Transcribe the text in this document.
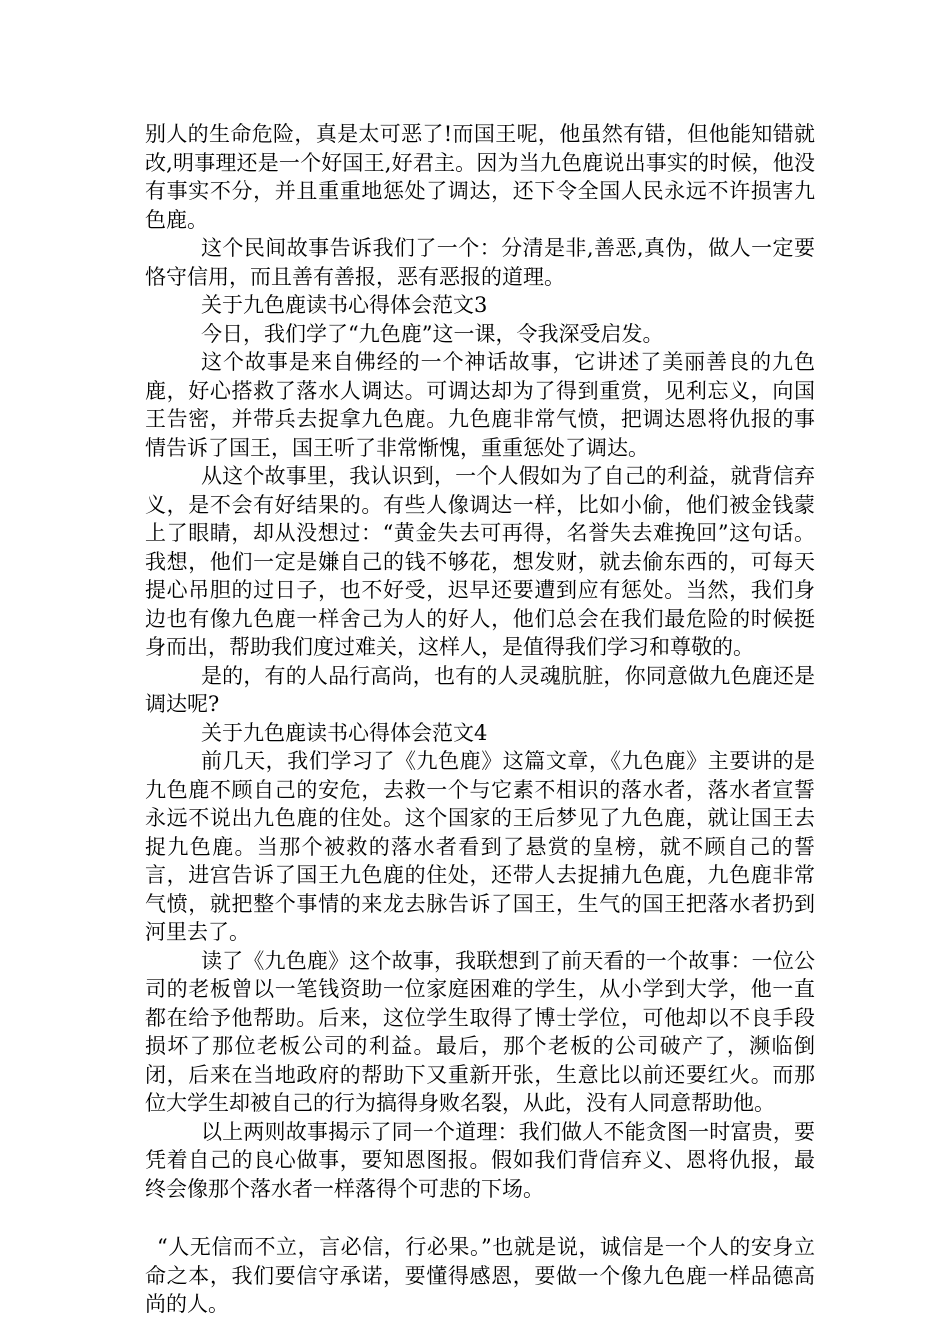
别人的生命危险，真是太可恶了!而国王呢，他虽然有错，但他能知错就改,明事理还是一个好国王,好君主。因为当九色鹿说出事实的时候，他没有事实不分，并且重重地惩处了调达，还下令全国人民永远不许损害九色鹿。

这个民间故事告诉我们了一个：分清是非,善恶,真伪，做人一定要恪守信用，而且善有善报，恶有恶报的道理。

关于九色鹿读书心得体会范文3

今日，我们学了“九色鹿”这一课，令我深受启发。

这个故事是来自佛经的一个神话故事，它讲述了美丽善良的九色鹿，好心搭救了落水人调达。可调达却为了得到重赏，见利忘义，向国王告密，并带兵去捉拿九色鹿。九色鹿非常气愤，把调达恩将仇报的事情告诉了国王，国王听了非常惭愧，重重惩处了调达。

从这个故事里，我认识到，一个人假如为了自己的利益，就背信弃义，是不会有好结果的。有些人像调达一样，比如小偷，他们被金钱蒙上了眼睛，却从没想过：“黄金失去可再得，名誉失去难挽回”这句话。我想，他们一定是嫌自己的钱不够花，想发财，就去偷东西的，可每天提心吊胆的过日子，也不好受，迟早还要遭到应有惩处。当然，我们身边也有像九色鹿一样舍己为人的好人，他们总会在我们最危险的时候挺身而出，帮助我们度过难关，这样人，是值得我们学习和尊敬的。

是的，有的人品行高尚，也有的人灵魂肮脏，你同意做九色鹿还是调达呢?

关于九色鹿读书心得体会范文4

前几天，我们学习了《九色鹿》这篇文章，《九色鹿》主要讲的是九色鹿不顾自己的安危，去救一个与它素不相识的落水者，落水者宣誓永远不说出九色鹿的住处。这个国家的王后梦见了九色鹿，就让国王去捉九色鹿。当那个被救的落水者看到了悬赏的皇榜，就不顾自己的誓言，进宫告诉了国王九色鹿的住处，还带人去捉捕九色鹿，九色鹿非常气愤，就把整个事情的来龙去脉告诉了国王，生气的国王把落水者扔到河里去了。

读了《九色鹿》这个故事，我联想到了前天看的一个故事：一位公司的老板曾以一笔钱资助一位家庭困难的学生，从小学到大学，他一直都在给予他帮助。后来，这位学生取得了博士学位，可他却以不良手段损坏了那位老板公司的利益。最后，那个老板的公司破产了，濒临倒闭，后来在当地政府的帮助下又重新开张，生意比以前还要红火。而那位大学生却被自己的行为搞得身败名裂，从此，没有人同意帮助他。

以上两则故事揭示了同一个道理：我们做人不能贪图一时富贵，要凭着自己的良心做事，要知恩图报。假如我们背信弃义、恩将仇报，最终会像那个落水者一样落得个可悲的下场。

“人无信而不立，言必信，行必果。”也就是说，诚信是一个人的安身立命之本，我们要信守承诺，要懂得感恩，要做一个像九色鹿一样品德高尚的人。
